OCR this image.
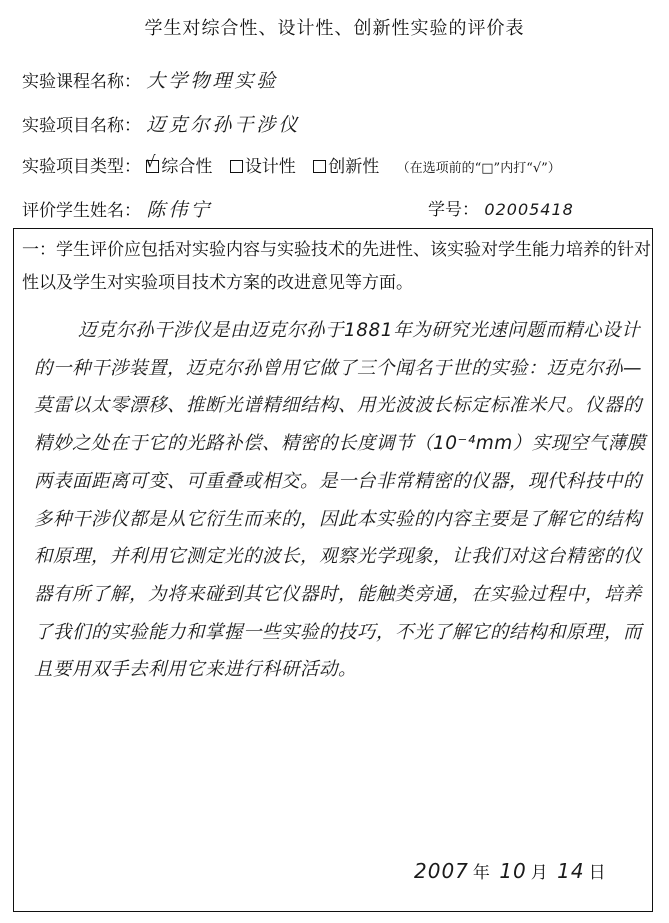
学生对综合性、设计性、创新性实验的评价表
实验课程名称： 大学物理实验
实验项目名称： 迈克尔孙干涉仪
实验项目类型： √ 综合性 设计性 创新性 （在选项前的“□”内打“√”）
评价学生姓名： 陈伟宁	学号： 02005418
一：学生评价应包括对实验内容与实验技术的先进性、该实验对学生能力培养的针对性以及学生对实验项目技术方案的改进意见等方面。
迈克尔孙干涉仪是由迈克尔孙于1881年为研究光速问题而精心设计的一种干涉装置，迈克尔孙曾用它做了三个闻名于世的实验：迈克尔孙—莫雷以太零漂移、推断光谱精细结构、用光波波长标定标准米尺。仪器的精妙之处在于它的光路补偿、精密的长度调节（10⁻⁴mm）实现空气薄膜两表面距离可变、可重叠或相交。是一台非常精密的仪器，现代科技中的多种干涉仪都是从它衍生而来的，因此本实验的内容主要是了解它的结构和原理，并利用它测定光的波长，观察光学现象，让我们对这台精密的仪器有所了解，为将来碰到其它仪器时，能触类旁通，在实验过程中，培养了我们的实验能力和掌握一些实验的技巧，不光了解它的结构和原理，而且要用双手去利用它来进行科研活动。
2007 年 10 月 14 日
